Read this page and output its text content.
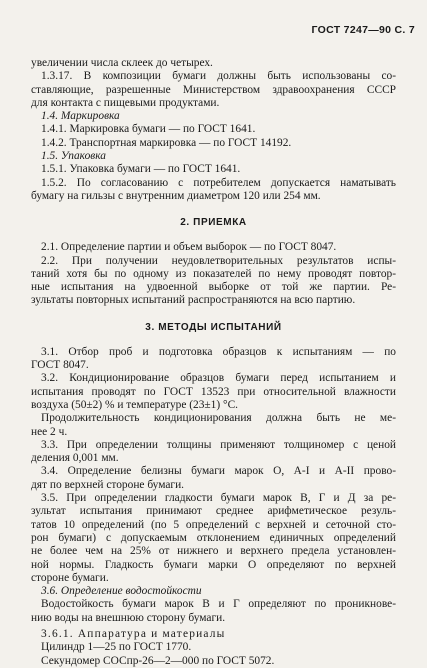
ГОСТ 7247—90 С. 7

увеличении числа склеек до четырех.

1.3.17. В композиции бумаги должны быть использованы со-

ставляющие, разрешенные Министерством здравоохранения СССР

для контакта с пищевыми продуктами.

1.4. Маркировка

1.4.1. Маркировка бумаги — по ГОСТ 1641.

1.4.2. Транспортная маркировка — по ГОСТ 14192.

1.5. Упаковка

1.5.1. Упаковка бумаги — по ГОСТ 1641.

1.5.2. По согласованию с потребителем допускается наматывать

бумагу на гильзы с внутренним диаметром 120 или 254 мм.

2. ПРИЕМКА

2.1. Определение партии и объем выборок — по ГОСТ 8047.

2.2. При получении неудовлетворительных результатов испы-

таний хотя бы по одному из показателей по нему проводят повтор-

ные испытания на удвоенной выборке от той же партии. Ре-

зультаты повторных испытаний распространяются на всю партию.

3. МЕТОДЫ ИСПЫТАНИЙ

3.1. Отбор проб и подготовка образцов к испытаниям — по

ГОСТ 8047.

3.2. Кондиционирование образцов бумаги перед испытанием и

испытания проводят по ГОСТ 13523 при относительной влажности

воздуха (50±2) % и температуре (23±1) °С.

Продолжительность кондиционирования должна быть не ме-

нее 2 ч.

3.3. При определении толщины применяют толщиномер с ценой

деления 0,001 мм.

3.4. Определение белизны бумаги марок О, А-I и А-II прово-

дят по верхней стороне бумаги.

3.5. При определении гладкости бумаги марок В, Г и Д за ре-

зультат испытания принимают среднее арифметическое резуль-

татов 10 определений (по 5 определений с верхней и сеточной сто-

рон бумаги) с допускаемым отклонением единичных определений

не более чем на 25% от нижнего и верхнего предела установлен-

ной нормы. Гладкость бумаги марки О определяют по верхней

стороне бумаги.

3.6. Определение водостойкости

Водостойкость бумаги марок В и Г определяют по проникнове-

нию воды на внешнюю сторону бумаги.

3.6.1. Аппаратура и материалы

Цилиндр 1—25 по ГОСТ 1770.

Секундомер СОСпр-26—2—000 по ГОСТ 5072.
